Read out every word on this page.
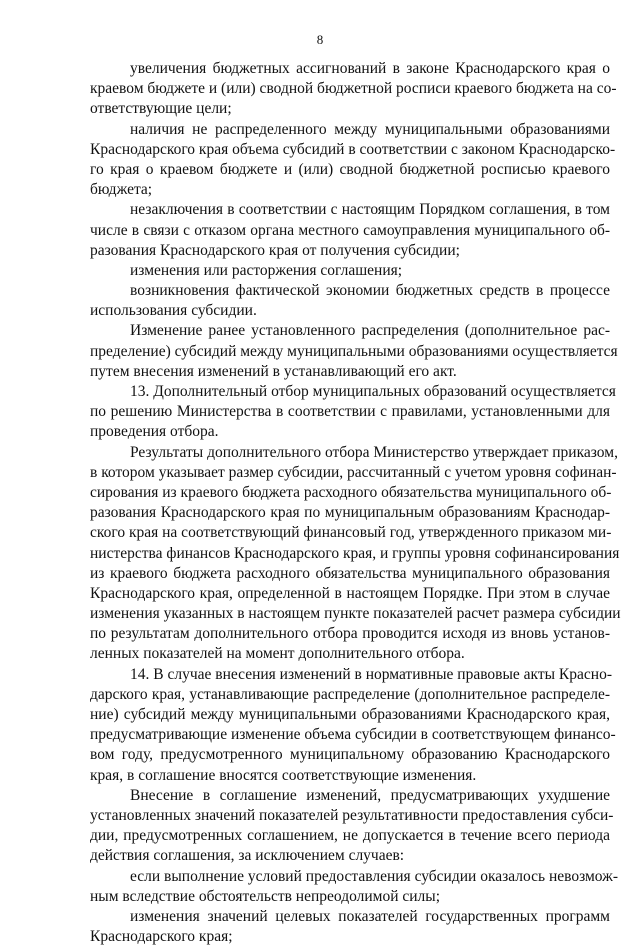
8
увеличения бюджетных ассигнований в законе Краснодарского края о
краевом бюджете и (или) сводной бюджетной росписи краевого бюджета на со-
ответствующие цели;
наличия не распределенного между муниципальными образованиями
Краснодарского края объема субсидий в соответствии с законом Краснодарско-
го края о краевом бюджете и (или) сводной бюджетной росписью краевого
бюджета;
незаключения в соответствии с настоящим Порядком соглашения, в том
числе в связи с отказом органа местного самоуправления муниципального об-
разования Краснодарского края от получения субсидии;
изменения или расторжения соглашения;
возникновения фактической экономии бюджетных средств в процессе
использования субсидии.
Изменение ранее установленного распределения (дополнительное рас-
пределение) субсидий между муниципальными образованиями осуществляется
путем внесения изменений в устанавливающий его акт.
13. Дополнительный отбор муниципальных образований осуществляется
по решению Министерства в соответствии с правилами, установленными для
проведения отбора.
Результаты дополнительного отбора Министерство утверждает приказом,
в котором указывает размер субсидии, рассчитанный с учетом уровня софинан-
сирования из краевого бюджета расходного обязательства муниципального об-
разования Краснодарского края по муниципальным образованиям Краснодар-
ского края на соответствующий финансовый год, утвержденного приказом ми-
нистерства финансов Краснодарского края, и группы уровня софинансирования
из краевого бюджета расходного обязательства муниципального образования
Краснодарского края, определенной в настоящем Порядке. При этом в случае
изменения указанных в настоящем пункте показателей расчет размера субсидии
по результатам дополнительного отбора проводится исходя из вновь установ-
ленных показателей на момент дополнительного отбора.
14. В случае внесения изменений в нормативные правовые акты Красно-
дарского края, устанавливающие распределение (дополнительное распределе-
ние) субсидий между муниципальными образованиями Краснодарского края,
предусматривающие изменение объема субсидии в соответствующем финансо-
вом году, предусмотренного муниципальному образованию Краснодарского
края, в соглашение вносятся соответствующие изменения.
Внесение в соглашение изменений, предусматривающих ухудшение
установленных значений показателей результативности предоставления субси-
дии, предусмотренных соглашением, не допускается в течение всего периода
действия соглашения, за исключением случаев:
если выполнение условий предоставления субсидии оказалось невозмож-
ным вследствие обстоятельств непреодолимой силы;
изменения значений целевых показателей государственных программ
Краснодарского края;
